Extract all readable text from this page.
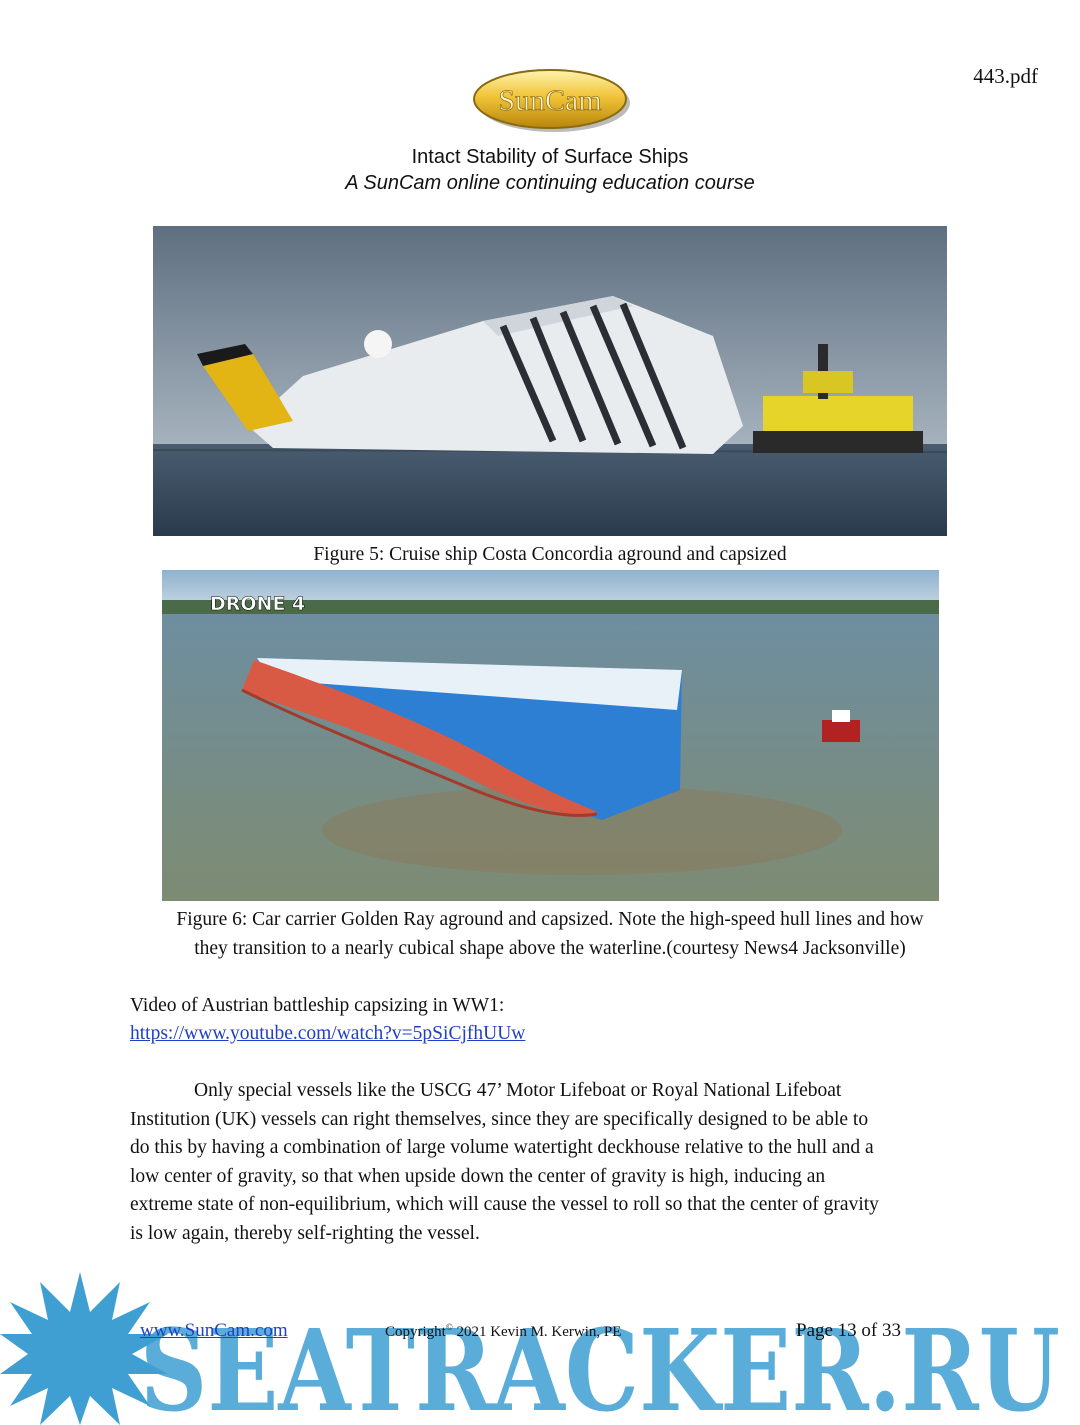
443.pdf
SunCam
Intact Stability of Surface Ships
A SunCam online continuing education course
Figure 5: Cruise ship Costa Concordia aground and capsized
DRONE 4
Figure 6: Car carrier Golden Ray aground and capsized. Note the high-speed hull lines and how
they transition to a nearly cubical shape above the waterline.(courtesy News4 Jacksonville)
Video of Austrian battleship capsizing in WW1:
https://www.youtube.com/watch?v=5pSiCjfhUUw
Only special vessels like the USCG 47’ Motor Lifeboat or Royal National Lifeboat
Institution (UK) vessels can right themselves, since they are specifically designed to be able to
do this by having a combination of large volume watertight deckhouse relative to the hull and a
low center of gravity, so that when upside down the center of gravity is high, inducing an
extreme state of non-equilibrium, which will cause the vessel to roll so that the center of gravity
is low again, thereby self-righting the vessel.
SEATRACKER.RU
www.SunCam.com	Copyright© 2021 Kevin M. Kerwin, PE	Page 13 of 33
